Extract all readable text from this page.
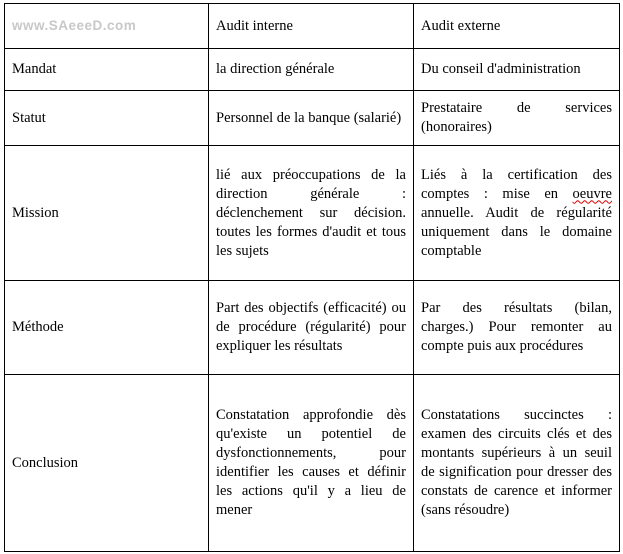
www.SAeeeD.com	Audit interne	Audit externe
Mandat	la direction générale	Du conseil d'administration
Statut	Personnel de la banque (salarié)	Prestataire de services (honoraires)
Mission	lié aux préoccupations de la direction générale : déclenchement sur décision. toutes les formes d'audit et tous les sujets	Liés à la certification des comptes : mise en oeuvre annuelle. Audit de régularité uniquement dans le domaine comptable
Méthode	Part des objectifs (efficacité) ou de procédure (régularité) pour expliquer les résultats	Par des résultats (bilan, charges.) Pour remonter au compte puis aux procédures
Conclusion	Constatation approfondie dès qu'existe un potentiel de dysfonctionnements, pour identifier les causes et définir les actions qu'il y a lieu de mener	Constatations succinctes : examen des circuits clés et des montants supérieurs à un seuil de signification pour dresser des constats de carence et informer (sans résoudre)
